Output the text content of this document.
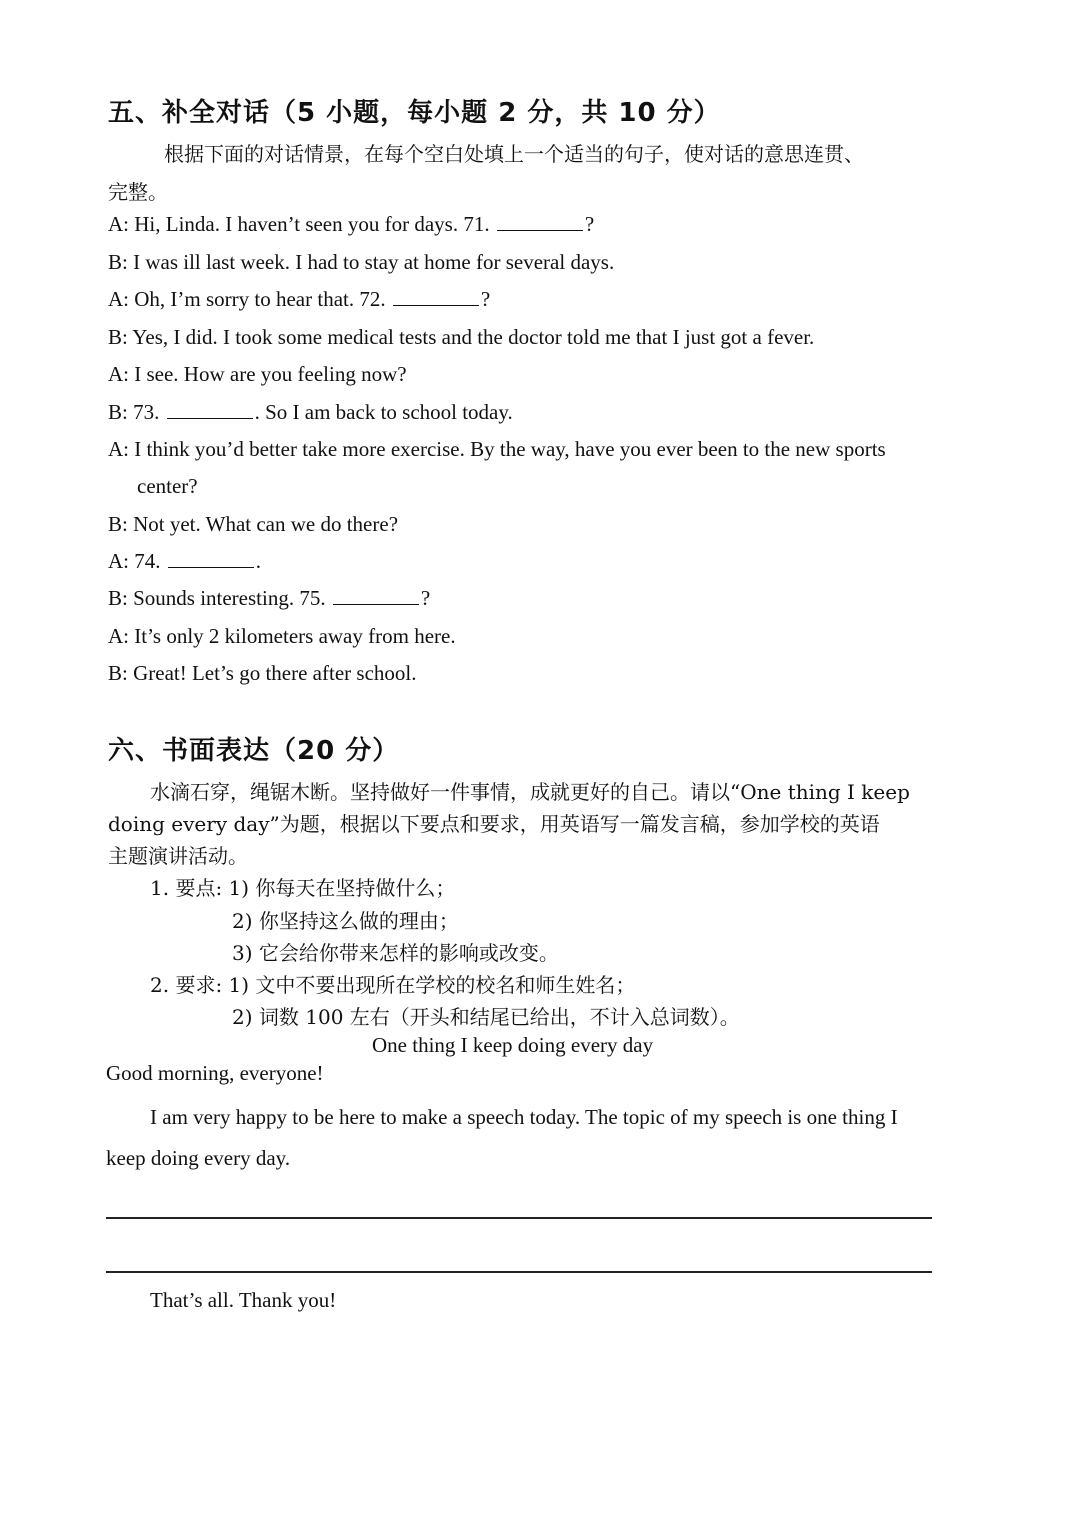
五、补全对话（5 小题，每小题 2 分，共 10 分）
根据下面的对话情景，在每个空白处填上一个适当的句子，使对话的意思连贯、
完整。
A: Hi, Linda. I haven’t seen you for days. 71.	?
B: I was ill last week. I had to stay at home for several days.
A: Oh, I’m sorry to hear that. 72.	?
B: Yes, I did. I took some medical tests and the doctor told me that I just got a fever.
A: I see. How are you feeling now?
B: 73.	. So I am back to school today.
A: I think you’d better take more exercise. By the way, have you ever been to the new sports
center?
B: Not yet. What can we do there?
A: 74.	.
B: Sounds interesting. 75.	?
A: It’s only 2 kilometers away from here.
B: Great! Let’s go there after school.
六、书面表达（20 分）
水滴石穿，绳锯木断。坚持做好一件事情，成就更好的自己。请以“One thing I keep
doing every day”为题，根据以下要点和要求，用英语写一篇发言稿，参加学校的英语
主题演讲活动。
1. 要点: 1) 你每天在坚持做什么；
2) 你坚持这么做的理由；
3) 它会给你带来怎样的影响或改变。
2. 要求: 1) 文中不要出现所在学校的校名和师生姓名；
2) 词数 100 左右（开头和结尾已给出，不计入总词数）。
One thing I keep doing every day
Good morning, everyone!
I am very happy to be here to make a speech today. The topic of my speech is one thing I
keep doing every day.
That’s all. Thank you!
